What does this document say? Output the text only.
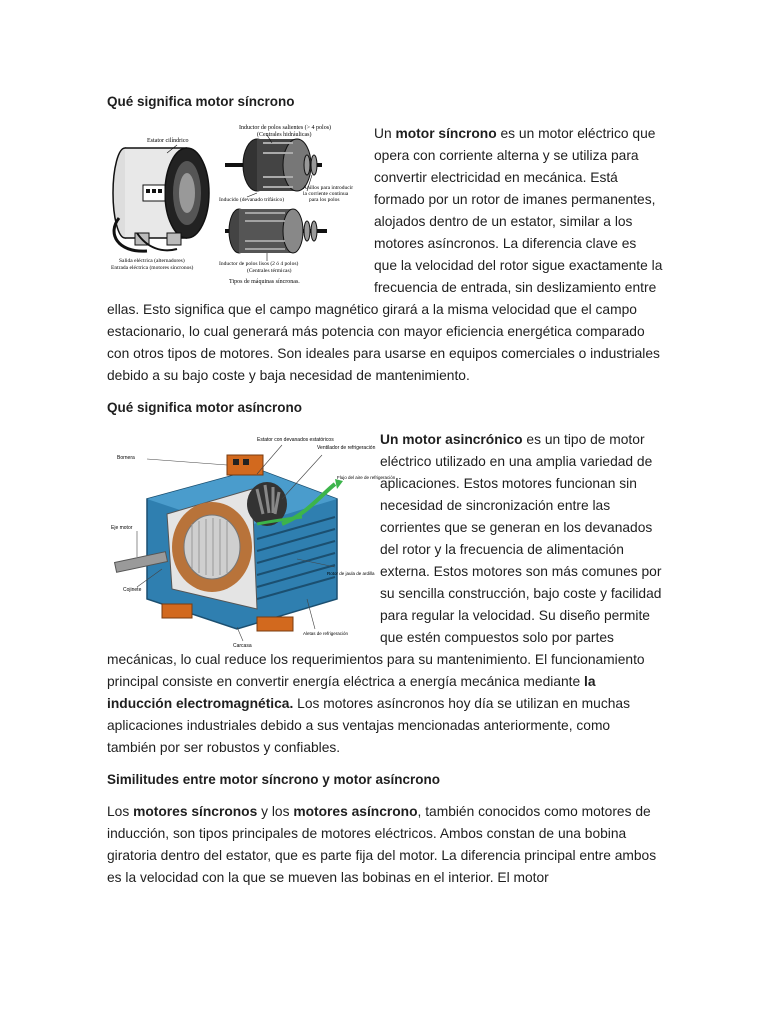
Qué significa motor síncrono
Estator cilíndrico
Inductor de polos salientes (> 4 polos)
(Centrales hidráulicas)
Anillos para introducir
la corriente continua
para los polos
Inducido (devanado trifásico)
Salida eléctrica (alternadores)
Entrada eléctrica (motores síncronos)
Inductor de polos lisos (2 ó 4 polos)
(Centrales térmicas)
Tipos de máquinas síncronas.

Un motor síncrono es un motor eléctrico que opera con corriente alterna y se utiliza para convertir electricidad en mecánica. Está formado por un rotor de imanes permanentes, alojados dentro de un estator, similar a los motores asíncronos. La diferencia clave es que la velocidad del rotor sigue exactamente la frecuencia de entrada, sin deslizamiento entre ellas. Esto significa que el campo magnético girará a la misma velocidad que el campo estacionario, lo cual generará más potencia con mayor eficiencia energética comparado con otros tipos de motores. Son ideales para usarse en equipos comerciales o industriales debido a su bajo coste y baja necesidad de mantenimiento.

Qué significa motor asíncrono
Bornera
Estator con devanados estatóricos
Ventilador de refrigeración
Flujo del aire de refrigeración
Eje motor
Cojinete
Rotor de jaula de ardilla
Aletas de refrigeración
Carcasa

Un motor asincrónico es un tipo de motor eléctrico utilizado en una amplia variedad de aplicaciones. Estos motores funcionan sin necesidad de sincronización entre las corrientes que se generan en los devanados del rotor y la frecuencia de alimentación externa. Estos motores son más comunes por su sencilla construcción, bajo coste y facilidad para regular la velocidad. Su diseño permite que estén compuestos solo por partes mecánicas, lo cual reduce los requerimientos para su mantenimiento. El funcionamiento principal consiste en convertir energía eléctrica a energía mecánica mediante la inducción electromagnética. Los motores asíncronos hoy día se utilizan en muchas aplicaciones industriales debido a sus ventajas mencionadas anteriormente, como también por ser robustos y confiables.

Similitudes entre motor síncrono y motor asíncrono

Los motores síncronos y los motores asíncrono, también conocidos como motores de inducción, son tipos principales de motores eléctricos. Ambos constan de una bobina giratoria dentro del estator, que es parte fija del motor. La diferencia principal entre ambos es la velocidad con la que se mueven las bobinas en el interior. El motor
